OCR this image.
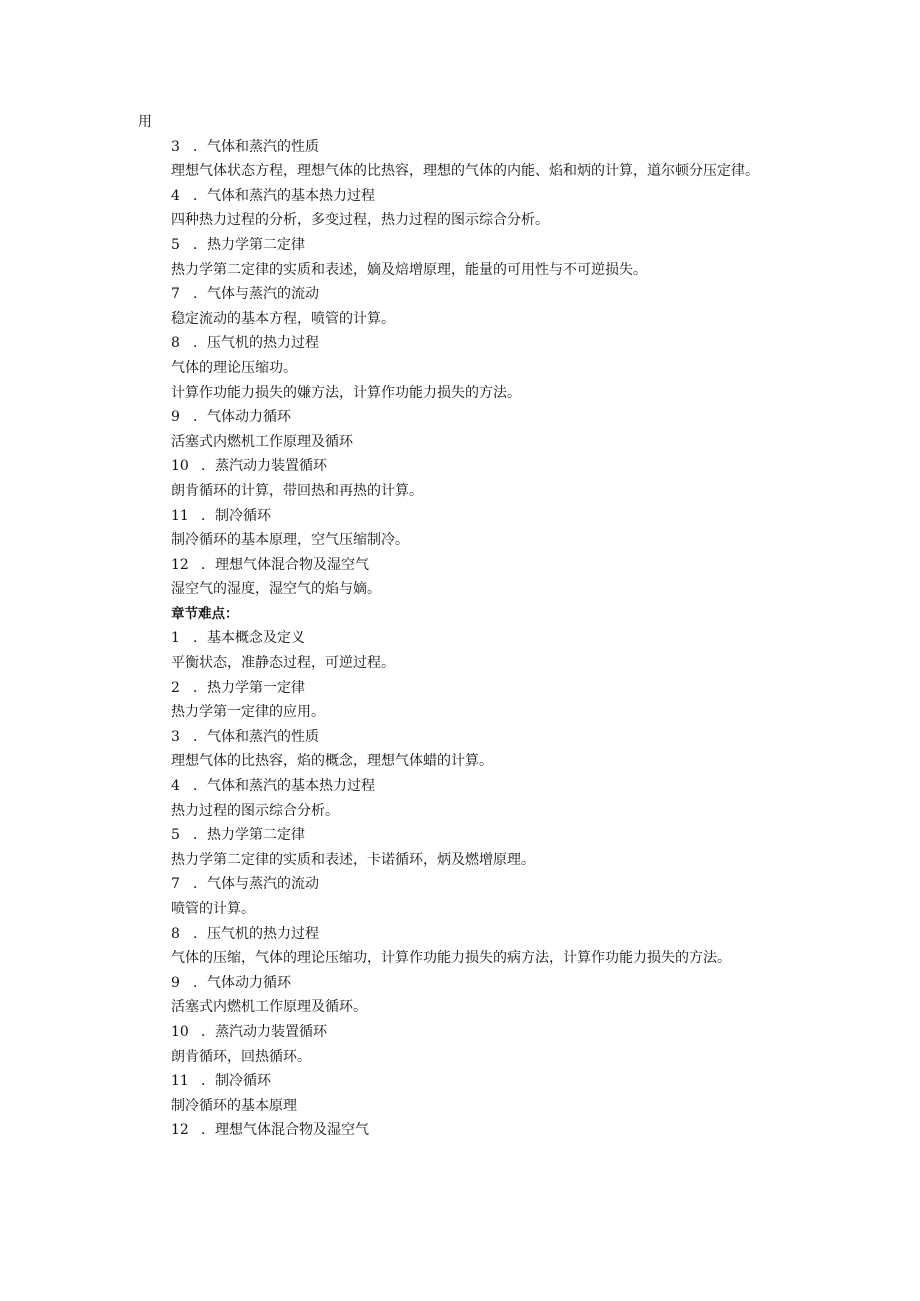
用
3 ．气体和蒸汽的性质
理想气体状态方程，理想气体的比热容，理想的气体的内能、焰和炳的计算，道尔顿分压定律。
4 ．气体和蒸汽的基本热力过程
四种热力过程的分析，多变过程，热力过程的图示综合分析。
5 ．热力学第二定律
热力学第二定律的实质和表述，嫡及焙增原理，能量的可用性与不可逆损失。
7 ．气体与蒸汽的流动
稳定流动的基本方程，喷管的计算。
8 ．压气机的热力过程
气体的理论压缩功。
计算作功能力损失的嫌方法，计算作功能力损失的方法。
9 ．气体动力循环
活塞式内燃机工作原理及循环
10 ．蒸汽动力装置循环
朗肯循环的计算，带回热和再热的计算。
11 ．制冷循环
制冷循环的基本原理，空气压缩制冷。
12 ．理想气体混合物及湿空气
湿空气的湿度，湿空气的焰与嫡。
章节难点：
1 ．基本概念及定义
平衡状态，准静态过程，可逆过程。
2 ．热力学第一定律
热力学第一定律的应用。
3 ．气体和蒸汽的性质
理想气体的比热容，焰的概念，理想气体蜡的计算。
4 ．气体和蒸汽的基本热力过程
热力过程的图示综合分析。
5 ．热力学第二定律
热力学第二定律的实质和表述，卡诺循环，炳及燃增原理。
7 ．气体与蒸汽的流动
喷管的计算。
8 ．压气机的热力过程
气体的压缩，气体的理论压缩功，计算作功能力损失的病方法，计算作功能力损失的方法。
9 ．气体动力循环
活塞式内燃机工作原理及循环。
10 ．蒸汽动力装置循环
朗肯循环，回热循环。
11 ．制冷循环
制冷循环的基本原理
12 ．理想气体混合物及湿空气
